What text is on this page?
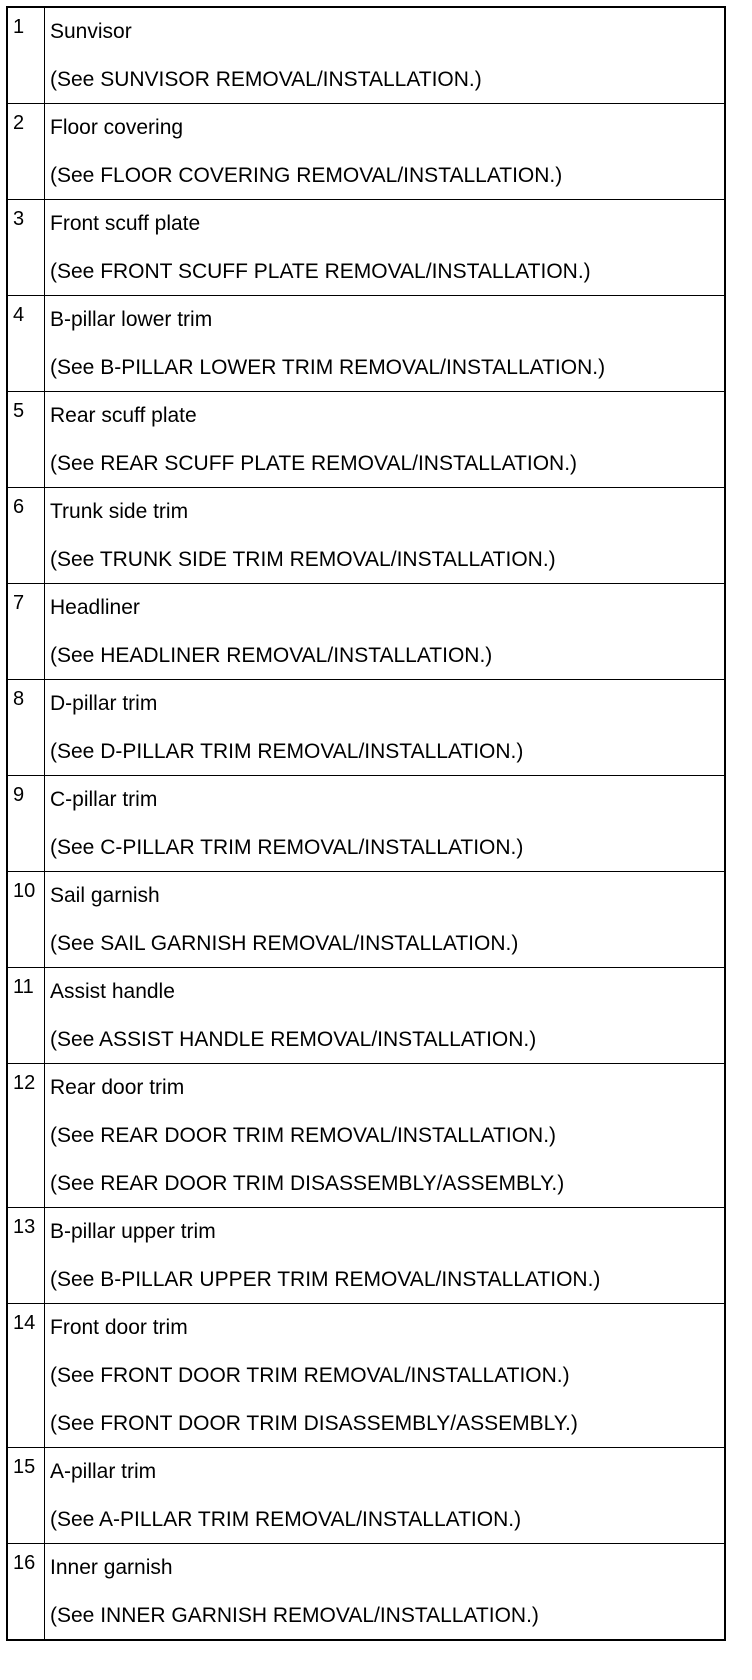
1	Sunvisor
(See SUNVISOR REMOVAL/INSTALLATION.)

2	Floor covering
(See FLOOR COVERING REMOVAL/INSTALLATION.)

3	Front scuff plate
(See FRONT SCUFF PLATE REMOVAL/INSTALLATION.)

4	B-pillar lower trim
(See B-PILLAR LOWER TRIM REMOVAL/INSTALLATION.)

5	Rear scuff plate
(See REAR SCUFF PLATE REMOVAL/INSTALLATION.)

6	Trunk side trim
(See TRUNK SIDE TRIM REMOVAL/INSTALLATION.)

7	Headliner
(See HEADLINER REMOVAL/INSTALLATION.)

8	D-pillar trim
(See D-PILLAR TRIM REMOVAL/INSTALLATION.)

9	C-pillar trim
(See C-PILLAR TRIM REMOVAL/INSTALLATION.)

10	Sail garnish
(See SAIL GARNISH REMOVAL/INSTALLATION.)

11	Assist handle
(See ASSIST HANDLE REMOVAL/INSTALLATION.)

12	Rear door trim
(See REAR DOOR TRIM REMOVAL/INSTALLATION.)
(See REAR DOOR TRIM DISASSEMBLY/ASSEMBLY.)

13	B-pillar upper trim
(See B-PILLAR UPPER TRIM REMOVAL/INSTALLATION.)

14	Front door trim
(See FRONT DOOR TRIM REMOVAL/INSTALLATION.)
(See FRONT DOOR TRIM DISASSEMBLY/ASSEMBLY.)

15	A-pillar trim
(See A-PILLAR TRIM REMOVAL/INSTALLATION.)

16	Inner garnish
(See INNER GARNISH REMOVAL/INSTALLATION.)
